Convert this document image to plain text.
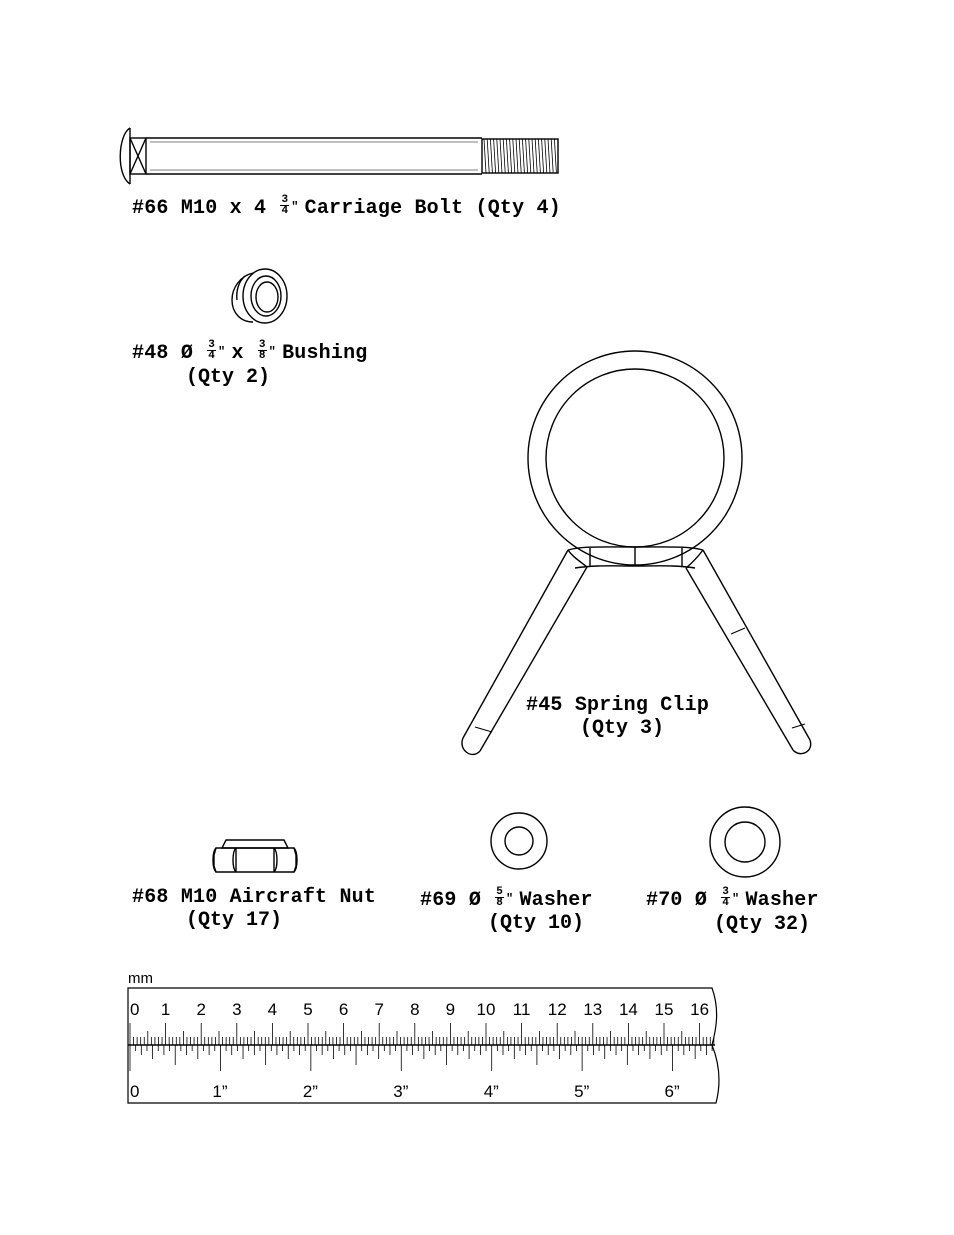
0 1 2 3 4 5 6 7 8 9 10 11 12 13 14 15 16
0	1”	2”	3”	4”	5”	6”
mm
#66 M10 x $4 \frac{3}{4} ^"$ Carriage Bolt (Qty 4)
#48 Ø $\frac{3}{4} ^"$ x $\frac{3}{8} ^"$ Bushing
(Qty 2)
#45 Spring Clip
(Qty 3)
#68 M10 Aircraft Nut
(Qty 17)
#69 Ø $\frac{5}{8} ^"$ Washer
(Qty 10)
#70 Ø $\frac{3}{4} ^"$ Washer
(Qty 32)
